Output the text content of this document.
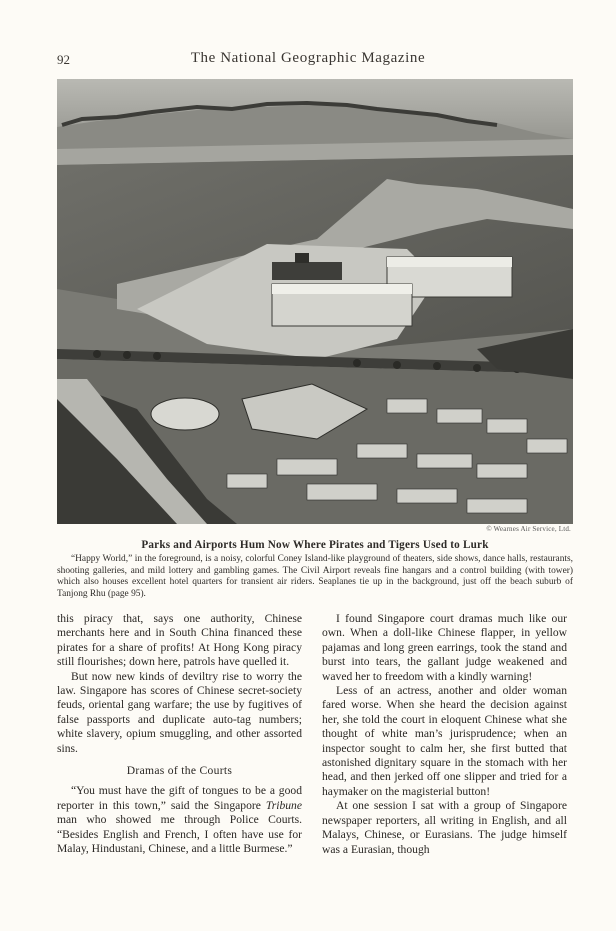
92	The National Geographic Magazine
© Wearnes Air Service, Ltd.
Parks and Airports Hum Now Where Pirates and Tigers Used to Lurk
“Happy World,” in the foreground, is a noisy, colorful Coney Island-like playground of theaters, side shows, dance halls, restaurants, shooting galleries, and mild lottery and gambling games. The Civil Airport reveals fine hangars and a control building (with tower) which also houses excellent hotel quarters for transient air riders. Seaplanes tie up in the background, just off the beach suburb of Tanjong Rhu (page 95).

this piracy that, says one authority, Chinese merchants here and in South China financed these pirates for a share of profits! At Hong Kong piracy still flourishes; down here, patrols have quelled it.

But now new kinds of deviltry rise to worry the law. Singapore has scores of Chinese secret-society feuds, oriental gang warfare; the use by fugitives of false passports and duplicate auto-tag numbers; white slavery, opium smuggling, and other assorted sins.

Dramas of the Courts

“You must have the gift of tongues to be a good reporter in this town,” said the Singapore Tribune man who showed me through Police Courts. “Besides English and French, I often have use for Malay, Hindustani, Chinese, and a little Burmese.”

I found Singapore court dramas much like our own. When a doll-like Chinese flapper, in yellow pajamas and long green earrings, took the stand and burst into tears, the gallant judge weakened and waved her to freedom with a kindly warning!

Less of an actress, another and older woman fared worse. When she heard the decision against her, she told the court in eloquent Chinese what she thought of white man’s jurisprudence; when an inspector sought to calm her, she first butted that astonished dignitary square in the stomach with her head, and then jerked off one slipper and tried for a haymaker on the magisterial button!

At one session I sat with a group of Singapore newspaper reporters, all writing in English, and all Malays, Chinese, or Eurasians. The judge himself was a Eurasian, though
